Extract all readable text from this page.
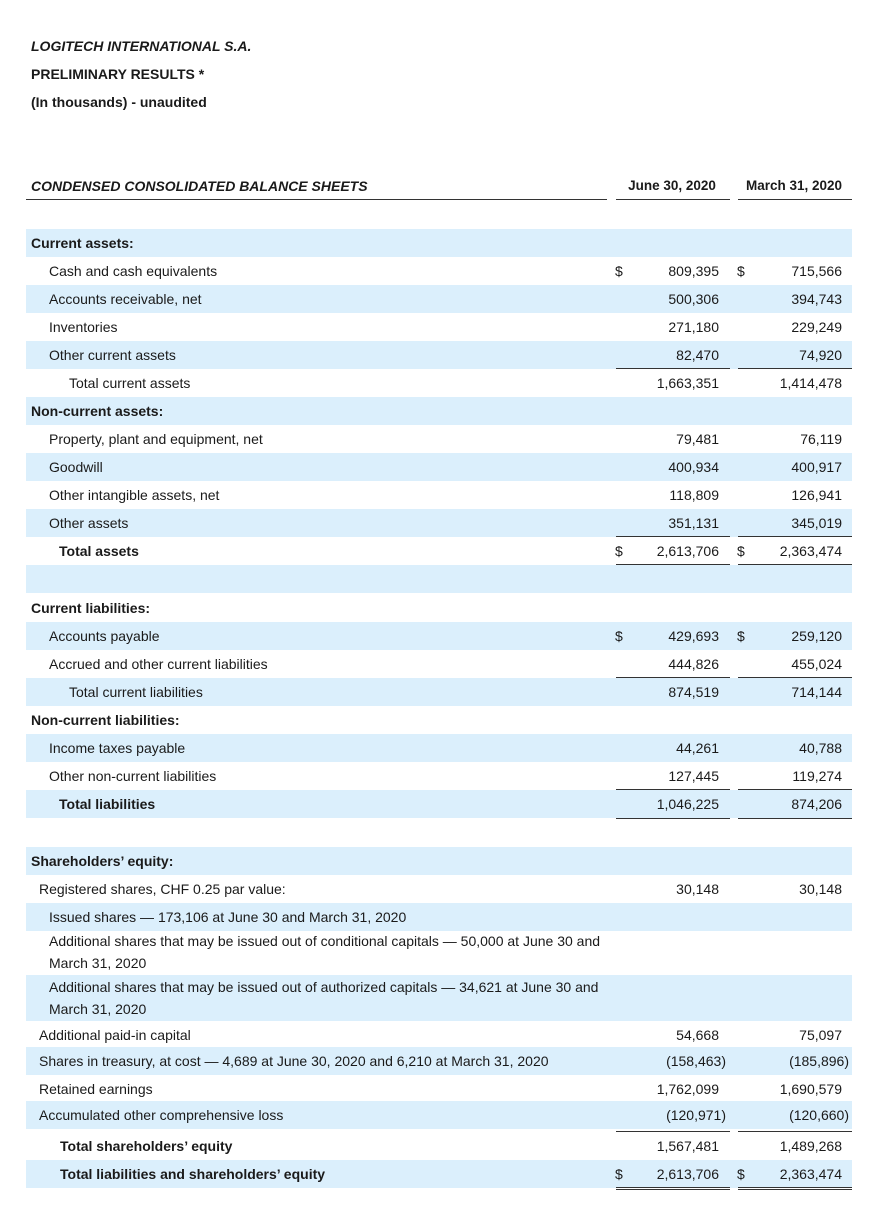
LOGITECH INTERNATIONAL S.A.
PRELIMINARY RESULTS *
(In thousands) - unaudited
CONDENSED CONSOLIDATED BALANCE SHEETS	June 30, 2020	March 31, 2020
Current assets:
Cash and cash equivalents	$	809,395 $	715,566
Accounts receivable, net	500,306	394,743
Inventories	271,180	229,249
Other current assets	82,470	74,920
Total current assets	1,663,351	1,414,478
Non-current assets:
Property, plant and equipment, net	79,481	76,119
Goodwill	400,934	400,917
Other intangible assets, net	118,809	126,941
Other assets	351,131	345,019
Total assets	$ 2,613,706 $ 2,363,474
Current liabilities:
Accounts payable	$	429,693 $	259,120
Accrued and other current liabilities	444,826	455,024
Total current liabilities	874,519	714,144
Non-current liabilities:
Income taxes payable	44,261	40,788
Other non-current liabilities	127,445	119,274
Total liabilities	1,046,225	874,206
Shareholders’ equity:
Registered shares, CHF 0.25 par value:	30,148	30,148
Issued shares — 173,106 at June 30 and March 31, 2020
Additional shares that may be issued out of conditional capitals — 50,000 at June 30 and March 31, 2020
Additional shares that may be issued out of authorized capitals — 34,621 at June 30 and March 31, 2020
Additional paid-in capital	54,668	75,097
Shares in treasury, at cost — 4,689 at June 30, 2020 and 6,210 at March 31, 2020	(158,463)	(185,896)
Retained earnings	1,762,099	1,690,579
Accumulated other comprehensive loss	(120,971)	(120,660)
Total shareholders’ equity	1,567,481	1,489,268
Total liabilities and shareholders’ equity	$ 2,613,706 $ 2,363,474
